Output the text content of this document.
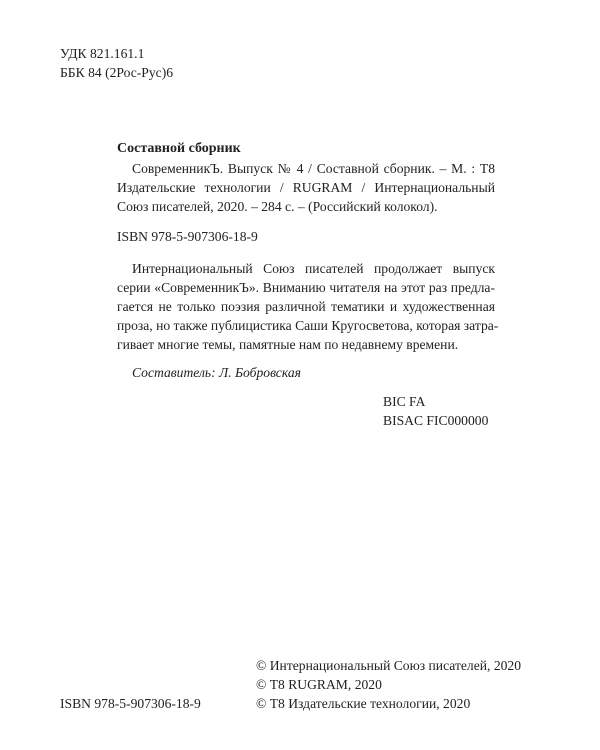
УДК 821.161.1
ББК 84 (2Рос-Рус)6
Составной сборник
СовременникЪ. Выпуск № 4 / Составной сборник. – М. : Т8
Издательские технологии / RUGRAM / Интернациональный
Союз писателей, 2020. – 284 с. – (Российский колокол).
ISBN 978-5-907306-18-9
Интернациональный Союз писателей продолжает выпуск
серии «СовременникЪ». Вниманию читателя на этот раз предла-
гается не только поэзия различной тематики и художественная
проза, но также публицистика Саши Кругосветова, которая затра-
гивает многие темы, памятные нам по недавнему времени.
Составитель: Л. Бобровская
BIC FA
BISAC FIC000000
© Интернациональный Союз писателей, 2020
© Т8 RUGRAM, 2020
ISBN 978-5-907306-18-9	© Т8 Издательские технологии, 2020
